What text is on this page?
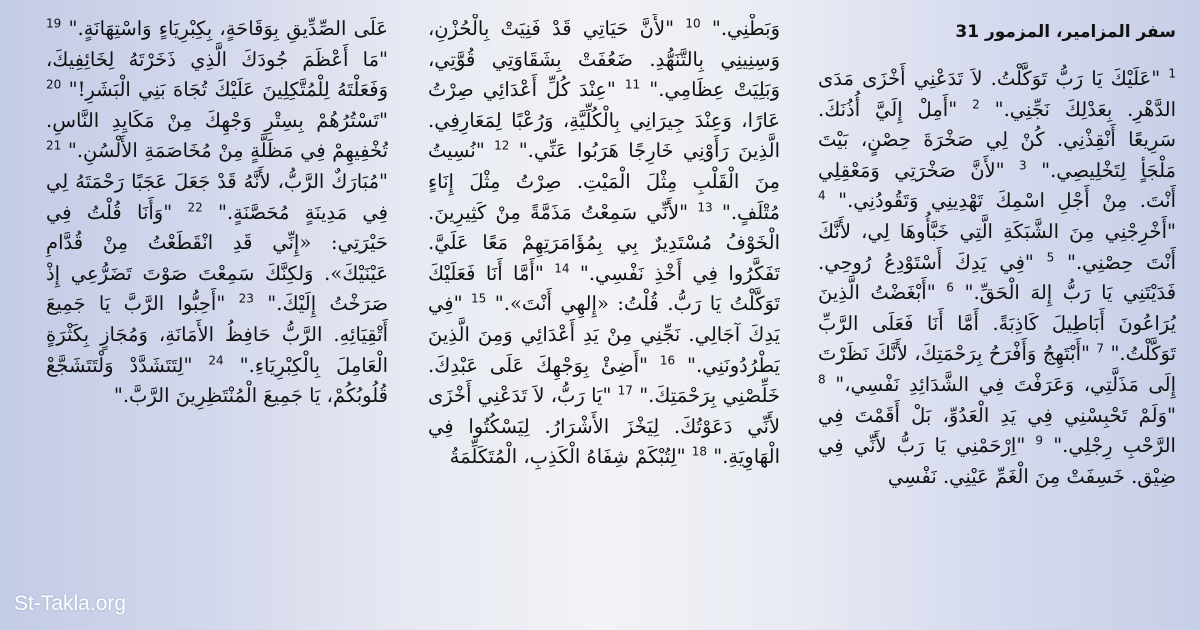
سفر المزامير، المزمور 31
$^1$ "عَلَيْكَ يَا رَبُّ تَوَكَّلْتُ. لاَ تَدَعْنِي أَخْزَى مَدَى الدَّهْرِ. بِعَدْلِكَ نَجِّنِي." $^2$ "أَمِلْ إِلَيَّ أُذُنَكَ. سَرِيعًا أَنْقِذْنِي. كُنْ لِي صَخْرَةَ حِصْنٍ، بَيْتَ مَلْجَأٍ لِتَخْلِيصِي." $^3$ "لأَنَّ صَخْرَتِي وَمَعْقِلِي أَنْتَ. مِنْ أَجْلِ اسْمِكَ تَهْدِينِي وَتَقُودُنِي." $^4$ "أَخْرِجْنِي مِنَ الشَّبَكَةِ الَّتِي خَبَّأُوهَا لِي، لأَنَّكَ أَنْتَ حِصْنِي." $^5$ "فِي يَدِكَ أَسْتَوْدِعُ رُوحِي. فَدَيْتَنِي يَا رَبُّ إِلهَ الْحَقِّ." $^6$ "أَبْغَضْتُ الَّذِينَ يُرَاعُونَ أَبَاطِيلَ كَاذِبَةً. أَمَّا أَنَا فَعَلَى الرَّبِّ تَوَكَّلْتُ." $^7$ "أَبْتَهِجُ وَأَفْرَحُ بِرَحْمَتِكَ، لأَنَّكَ نَظَرْتَ إِلَى مَذَلَّتِي، وَعَرَفْتَ فِي الشَّدَائِدِ نَفْسِي،" $^8$ "وَلَمْ تَحْبِسْنِي فِي يَدِ الْعَدُوِّ، بَلْ أَقَمْتَ فِي الرَّحْبِ رِجْلِي." $^9$ "اِرْحَمْنِي يَا رَبُّ لأَنِّي فِي ضِيْق. خَسِفَتْ مِنَ الْغَمِّ عَيْنِي. نَفْسِي
وَبَطْنِي." $^{10}$ "لأَنَّ حَيَاتِي قَدْ فَنِيَتْ بِالْحُزْنِ، وَسِنِينِي بِالتَّنَهُّدِ. ضَعُفَتْ بِشَقَاوَتِي قُوَّتِي، وَبَلِيَتْ عِظَامِي." $^{11}$ "عِنْدَ كُلِّ أَعْدَائِي صِرْتُ عَارًا، وَعِنْدَ جِيرَانِي بِالْكُلِّيَّةِ، وَرُعْبًا لِمَعَارِفِي. الَّذِينَ رَأَوْنِي خَارِجًا هَرَبُوا عَنِّي." $^{12}$ "نُسِيتُ مِنَ الْقَلْبِ مِثْلَ الْمَيْتِ. صِرْتُ مِثْلَ إِنَاءٍ مُتْلَفٍ." $^{13}$ "لأَنِّي سَمِعْتُ مَذَمَّةً مِنْ كَثِيرِينَ. الْخَوْفُ مُسْتَدِيرٌ بِي بِمُؤَامَرَتِهِمْ مَعًا عَلَيَّ. تَفَكَّرُوا فِي أَخْذِ نَفْسِي." $^{14}$ "أَمَّا أَنَا فَعَلَيْكَ تَوَكَّلْتُ يَا رَبُّ. قُلْتُ: «إِلهِي أَنْتَ»." $^{15}$ "فِي يَدِكَ آجَالِي. نَجِّنِي مِنْ يَدِ أَعْدَائِي وَمِنَ الَّذِينَ يَطْرُدُونَنِي." $^{16}$ "أَضِئْ بِوَجْهِكَ عَلَى عَبْدِكَ. خَلِّصْنِي بِرَحْمَتِكَ." $^{17}$ "يَا رَبُّ، لاَ تَدَعْنِي أَخْزَى لأَنِّي دَعَوْتُكَ. لِيَخْزَ الأَشْرَارُ. لِيَسْكُتُوا فِي الْهَاوِيَةِ." $^{18}$ "لِتُبْكَمْ شِفَاهُ الْكَذِبِ، الْمُتَكَلِّمَةُ
عَلَى الصِّدِّيقِ بِوَقَاحَةٍ، بِكِبْرِيَاءٍ وَاسْتِهَانَةٍ." $^{19}$ "مَا أَعْظَمَ جُودَكَ الَّذِي ذَخَرْتَهُ لِخَائِفِيكَ، وَفَعَلْتَهُ لِلْمُتَّكِلِينَ عَلَيْكَ تُجَاهَ بَنِي الْبَشَرِ!" $^{20}$ "تَسْتُرُهُمْ بِسِتْرِ وَجْهِكَ مِنْ مَكَايِدِ النَّاسِ. تُخْفِيهِمْ فِي مَظَلَّةٍ مِنْ مُخَاصَمَةِ الأَلْسُنِ." $^{21}$ "مُبَارَكٌ الرَّبُّ، لأَنَّهُ قَدْ جَعَلَ عَجَبًا رَحْمَتَهُ لِي فِي مَدِينَةٍ مُحَصَّنَةٍ." $^{22}$ "وَأَنَا قُلْتُ فِي حَيْرَتِي: «إِنِّي قَدِ انْقَطَعْتُ مِنْ قُدَّامِ عَيْنَيْكَ». وَلكِنَّكَ سَمِعْتَ صَوْتَ تَضَرُّعِي إِذْ صَرَخْتُ إِلَيْكَ." $^{23}$ "أَحِبُّوا الرَّبَّ يَا جَمِيعَ أَتْقِيَائِهِ. الرَّبُّ حَافِظُ الأَمَانَةِ، وَمُجَازٍ بِكَثْرَةٍ الْعَامِلَ بِالْكِبْرِيَاءِ." $^{24}$ "لِتَتَشَدَّدْ وَلْتَتَشَجَّعْ قُلُوبُكُمْ، يَا جَمِيعَ الْمُنْتَظِرِينَ الرَّبَّ."
St-Takla.org
